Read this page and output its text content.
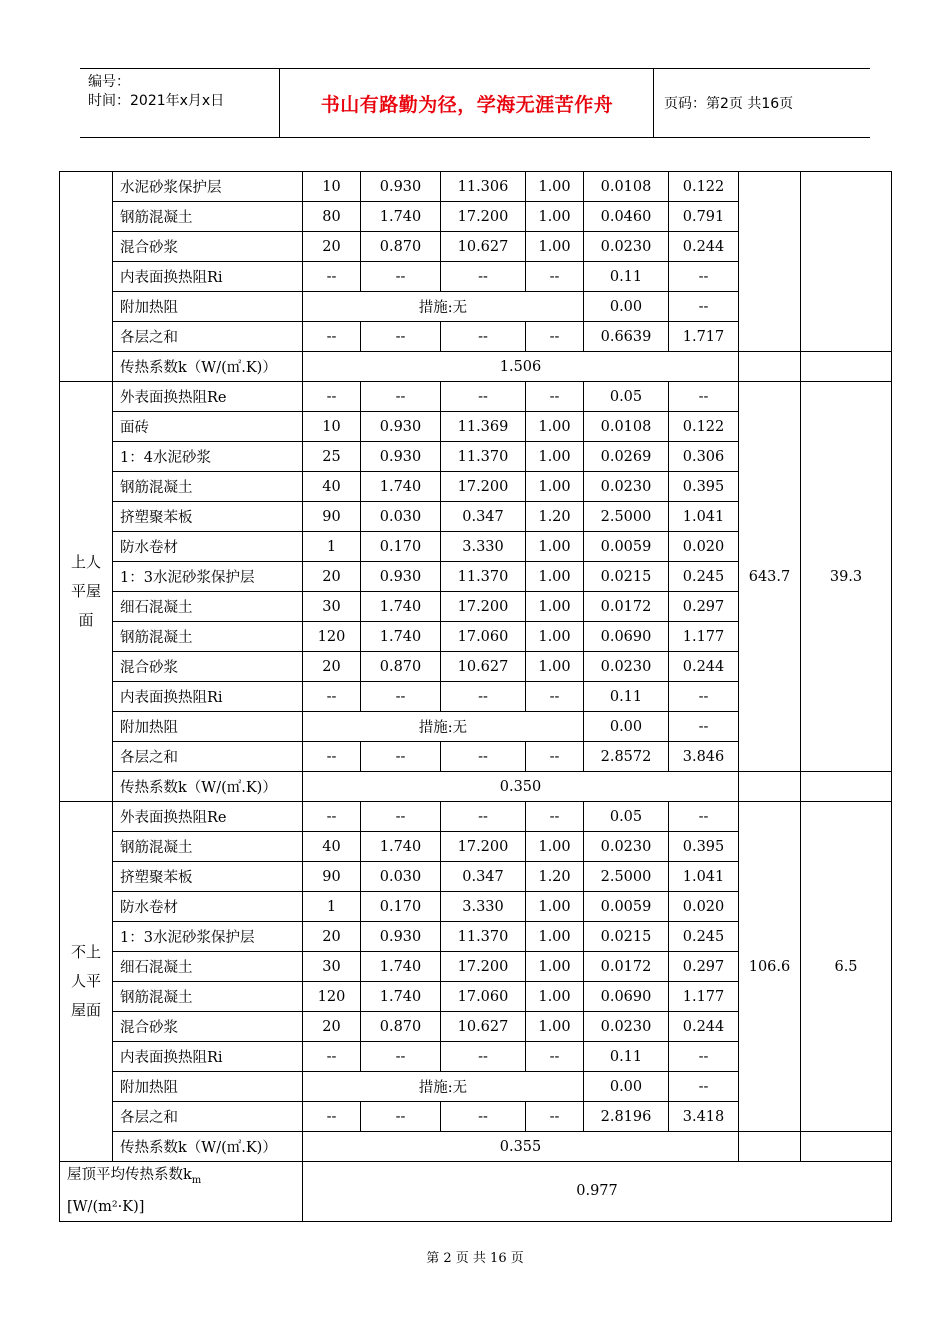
编号：
时间：2021年x月x日	书山有路勤为径，学海无涯苦作舟	页码：第2页 共16页
	水泥砂浆保护层	10	0.930	11.306	1.00	0.0108	0.122		
	钢筋混凝土	80	1.740	17.200	1.00	0.0460	0.791		
	混合砂浆	20	0.870	10.627	1.00	0.0230	0.244		
	内表面换热阻Ri	--	--	--	--	0.11	--		
	附加热阻	措施:无				0.00	--		
	各层之和	--	--	--	--	0.6639	1.717		
	传热系数k（W/(㎡.K)）	1.506							
上人平屋面	外表面换热阻Re	--	--	--	--	0.05	--	643.7	39.3
	面砖	10	0.930	11.369	1.00	0.0108	0.122		
	1：4水泥砂浆	25	0.930	11.370	1.00	0.0269	0.306		
	钢筋混凝土	40	1.740	17.200	1.00	0.0230	0.395		
	挤塑聚苯板	90	0.030	0.347	1.20	2.5000	1.041		
	防水卷材	1	0.170	3.330	1.00	0.0059	0.020		
	1：3水泥砂浆保护层	20	0.930	11.370	1.00	0.0215	0.245		
	细石混凝土	30	1.740	17.200	1.00	0.0172	0.297		
	钢筋混凝土	120	1.740	17.060	1.00	0.0690	1.177		
	混合砂浆	20	0.870	10.627	1.00	0.0230	0.244		
	内表面换热阻Ri	--	--	--	--	0.11	--		
	附加热阻	措施:无				0.00	--		
	各层之和	--	--	--	--	2.8572	3.846		
	传热系数k（W/(㎡.K)）	0.350							
不上人平屋面	外表面换热阻Re	--	--	--	--	0.05	--	106.6	6.5
	钢筋混凝土	40	1.740	17.200	1.00	0.0230	0.395		
	挤塑聚苯板	90	0.030	0.347	1.20	2.5000	1.041		
	防水卷材	1	0.170	3.330	1.00	0.0059	0.020		
	1：3水泥砂浆保护层	20	0.930	11.370	1.00	0.0215	0.245		
	细石混凝土	30	1.740	17.200	1.00	0.0172	0.297		
	钢筋混凝土	120	1.740	17.060	1.00	0.0690	1.177		
	混合砂浆	20	0.870	10.627	1.00	0.0230	0.244		
	内表面换热阻Ri	--	--	--	--	0.11	--		
	附加热阻	措施:无				0.00	--		
	各层之和	--	--	--	--	2.8196	3.418		
	传热系数k（W/(㎡.K)）	0.355							
屋顶平均传热系数$k_m$
[W/(m²·K)]		0.977							
第 2 页 共 16 页
